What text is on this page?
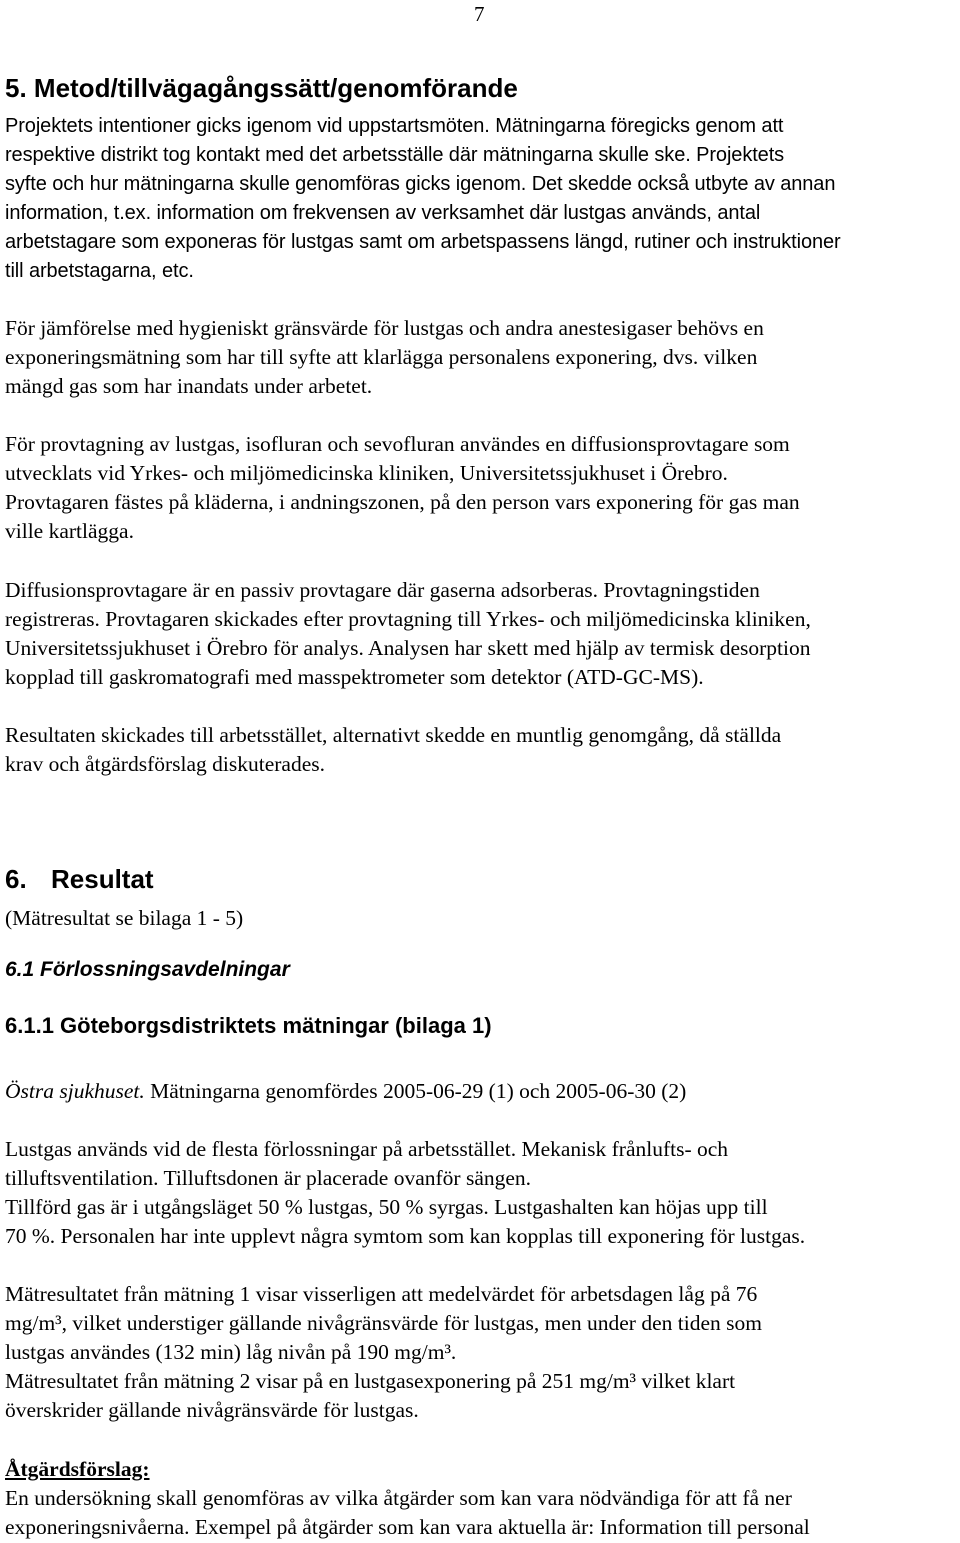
7
5. Metod/tillvägagångssätt/genomförande

Projektets intentioner gicks igenom vid uppstartsmöten. Mätningarna föregicks genom att
respektive distrikt tog kontakt med det arbetsställe där mätningarna skulle ske. Projektets
syfte och hur mätningarna skulle genomföras gicks igenom. Det skedde också utbyte av annan
information, t.ex. information om frekvensen av verksamhet där lustgas används, antal
arbetstagare som exponeras för lustgas samt om arbetspassens längd, rutiner och instruktioner
till arbetstagarna, etc.

För jämförelse med hygieniskt gränsvärde för lustgas och andra anestesigaser behövs en
exponeringsmätning som har till syfte att klarlägga personalens exponering, dvs. vilken
mängd gas som har inandats under arbetet.

För provtagning av lustgas, isofluran och sevofluran användes en diffusionsprovtagare som
utvecklats vid Yrkes- och miljömedicinska kliniken, Universitetssjukhuset i Örebro.
Provtagaren fästes på kläderna, i andningszonen, på den person vars exponering för gas man
ville kartlägga.

Diffusionsprovtagare är en passiv provtagare där gaserna adsorberas. Provtagningstiden
registreras. Provtagaren skickades efter provtagning till Yrkes- och miljömedicinska kliniken,
Universitetssjukhuset i Örebro för analys. Analysen har skett med hjälp av termisk desorption
kopplad till gaskromatografi med masspektrometer som detektor (ATD-GC-MS).

Resultaten skickades till arbetsstället, alternativt skedde en muntlig genomgång, då ställda
krav och åtgärdsförslag diskuterades.

6. Resultat

(Mätresultat se bilaga 1 - 5)

6.1 Förlossningsavdelningar
6.1.1 Göteborgsdistriktets mätningar (bilaga 1)

Östra sjukhuset. Mätningarna genomfördes 2005-06-29 (1) och 2005-06-30 (2)

Lustgas används vid de flesta förlossningar på arbetsstället. Mekanisk frånlufts- och
tilluftsventilation. Tilluftsdonen är placerade ovanför sängen.
Tillförd gas är i utgångsläget 50 % lustgas, 50 % syrgas. Lustgashalten kan höjas upp till
70 %. Personalen har inte upplevt några symtom som kan kopplas till exponering för lustgas.

Mätresultatet från mätning 1 visar visserligen att medelvärdet för arbetsdagen låg på 76
mg/m³, vilket understiger gällande nivågränsvärde för lustgas, men under den tiden som
lustgas användes (132 min) låg nivån på 190 mg/m³.
Mätresultatet från mätning 2 visar på en lustgasexponering på 251 mg/m³ vilket klart
överskrider gällande nivågränsvärde för lustgas.

Åtgärdsförslag:
En undersökning skall genomföras av vilka åtgärder som kan vara nödvändiga för att få ner
exponeringsnivåerna. Exempel på åtgärder som kan vara aktuella är: Information till personal
